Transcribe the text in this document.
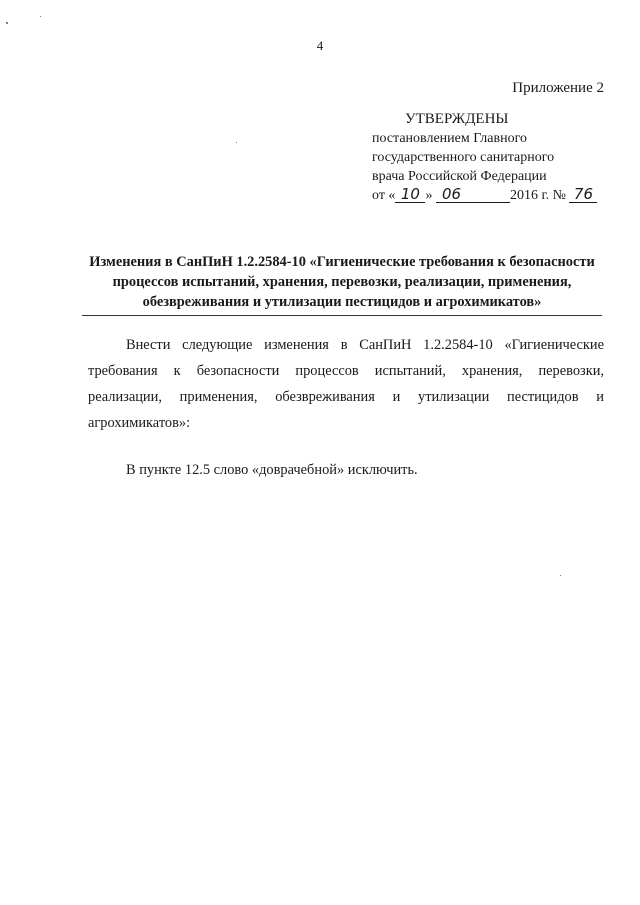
4
Приложение 2
УТВЕРЖДЕНЫ
постановлением Главного
государственного санитарного
врача Российской Федерации
от « 10 » 06	2016 г. № 76
Изменения в СанПиН 1.2.2584-10 «Гигиенические требования к безопасности процессов испытаний, хранения, перевозки, реализации, применения, обезвреживания и утилизации пестицидов и агрохимикатов»
Внести следующие изменения в СанПиН 1.2.2584-10 «Гигиенические требования к безопасности процессов испытаний, хранения, перевозки, реализации, применения, обезвреживания и утилизации пестицидов и агрохимикатов»:
В пункте 12.5 слово «доврачебной» исключить.
